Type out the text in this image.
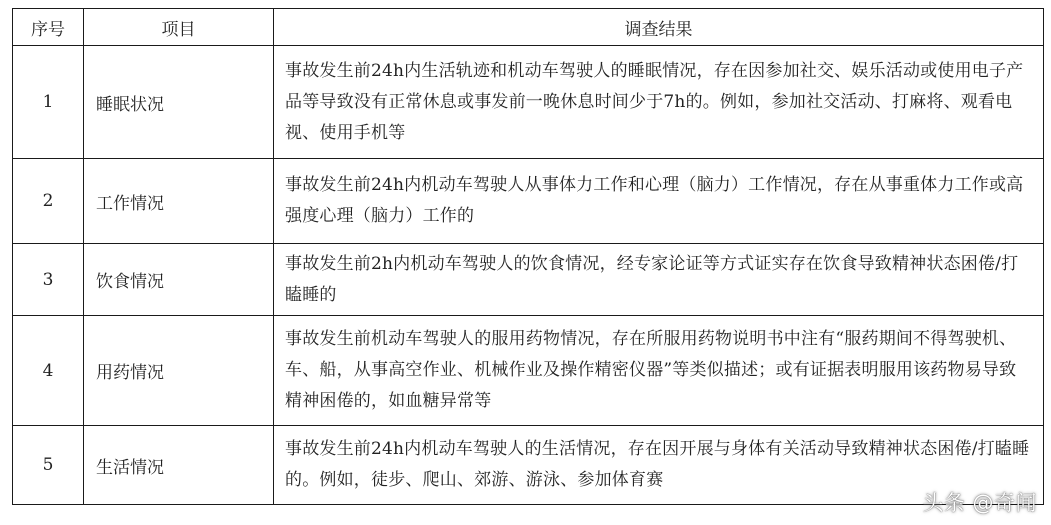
序号	项目	调查结果
1	睡眠状况	事故发生前24h内生活轨迹和机动车驾驶人的睡眠情况，存在因参加社交、娱乐活动或使用电子产品等导致没有正常休息或事发前一晚休息时间少于7h的。例如，参加社交活动、打麻将、观看电视、使用手机等
2	工作情况	事故发生前24h内机动车驾驶人从事体力工作和心理（脑力）工作情况，存在从事重体力工作或高强度心理（脑力）工作的
3	饮食情况	事故发生前2h内机动车驾驶人的饮食情况，经专家论证等方式证实存在饮食导致精神状态困倦/打瞌睡的
4	用药情况	事故发生前机动车驾驶人的服用药物情况，存在所服用药物说明书中注有“服药期间不得驾驶机、车、船，从事高空作业、机械作业及操作精密仪器”等类似描述；或有证据表明服用该药物易导致精神困倦的，如血糖异常等
5	生活情况	事故发生前24h内机动车驾驶人的生活情况，存在因开展与身体有关活动导致精神状态困倦/打瞌睡的。例如，徒步、爬山、郊游、游泳、参加体育赛
头条 @奇闻
